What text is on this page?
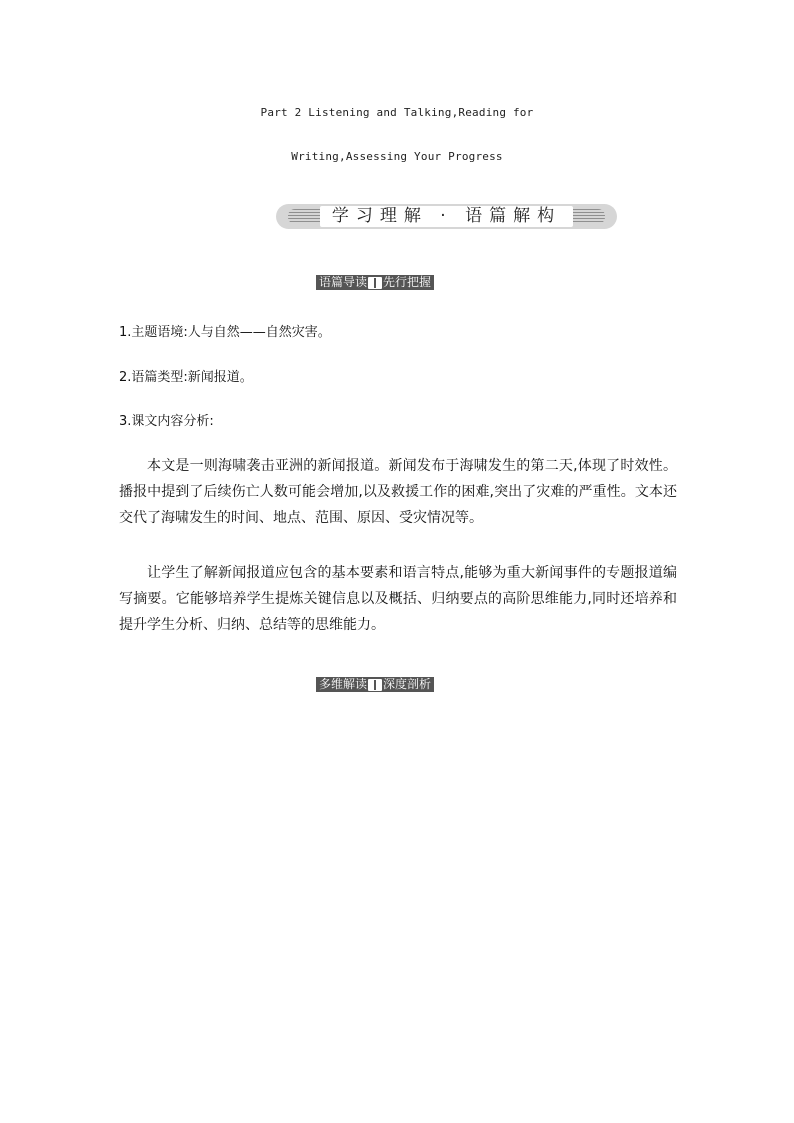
Part 2 Listening and Talking,Reading for
Writing,Assessing Your Progress
学习理解 · 语篇解构
语篇导读 先行把握
1.主题语境:人与自然——自然灾害。
2.语篇类型:新闻报道。
3.课文内容分析:
本文是一则海啸袭击亚洲的新闻报道。新闻发布于海啸发生的第二天,体现了时效性。播报中提到了后续伤亡人数可能会增加,以及救援工作的困难,突出了灾难的严重性。文本还交代了海啸发生的时间、地点、范围、原因、受灾情况等。
让学生了解新闻报道应包含的基本要素和语言特点,能够为重大新闻事件的专题报道编写摘要。它能够培养学生提炼关键信息以及概括、归纳要点的高阶思维能力,同时还培养和提升学生分析、归纳、总结等的思维能力。
多维解读 深度剖析
